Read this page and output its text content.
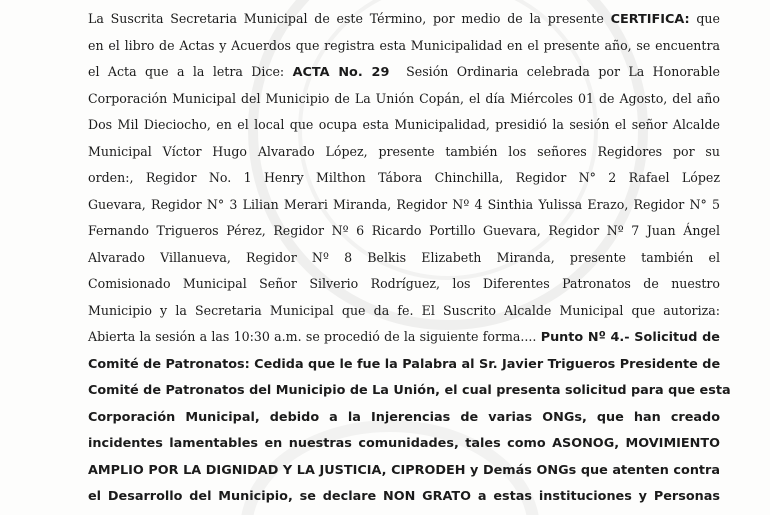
La Suscrita Secretaria Municipal de este Término, por medio de la presente CERTIFICA: que
en el libro de Actas y Acuerdos que registra esta Municipalidad en el presente año, se encuentra
el Acta que a la letra Dice: ACTA No. 29  Sesión Ordinaria celebrada por La Honorable
Corporación Municipal del Municipio de La Unión Copán, el día Miércoles 01 de Agosto, del año
Dos Mil Dieciocho, en el local que ocupa esta Municipalidad, presidió la sesión el señor Alcalde
Municipal Víctor Hugo Alvarado López, presente también los señores Regidores por su
orden:, Regidor No. 1 Henry Milthon Tábora Chinchilla, Regidor N° 2 Rafael López
Guevara, Regidor N° 3 Lilian Merari Miranda, Regidor Nº 4 Sinthia Yulissa Erazo, Regidor N° 5
Fernando Trigueros Pérez, Regidor Nº 6 Ricardo Portillo Guevara, Regidor Nº 7 Juan Ángel
Alvarado Villanueva, Regidor Nº 8 Belkis Elizabeth Miranda, presente también el
Comisionado Municipal Señor Silverio Rodríguez, los Diferentes Patronatos de nuestro
Municipio y la Secretaria Municipal que da fe. El Suscrito Alcalde Municipal que autoriza:
Abierta la sesión a las 10:30 a.m. se procedió de la siguiente forma.... Punto Nº 4.- Solicitud de
Comité de Patronatos: Cedida que le fue la Palabra al Sr. Javier Trigueros Presidente de
Comité de Patronatos del Municipio de La Unión, el cual presenta solicitud para que esta
Corporación Municipal, debido a la Injerencias de varias ONGs, que han creado
incidentes lamentables en nuestras comunidades, tales como ASONOG, MOVIMIENTO
AMPLIO POR LA DIGNIDAD Y LA JUSTICIA, CIPRODEH y Demás ONGs que atenten contra
el Desarrollo del Municipio, se declare NON GRATO a estas instituciones y Personas
